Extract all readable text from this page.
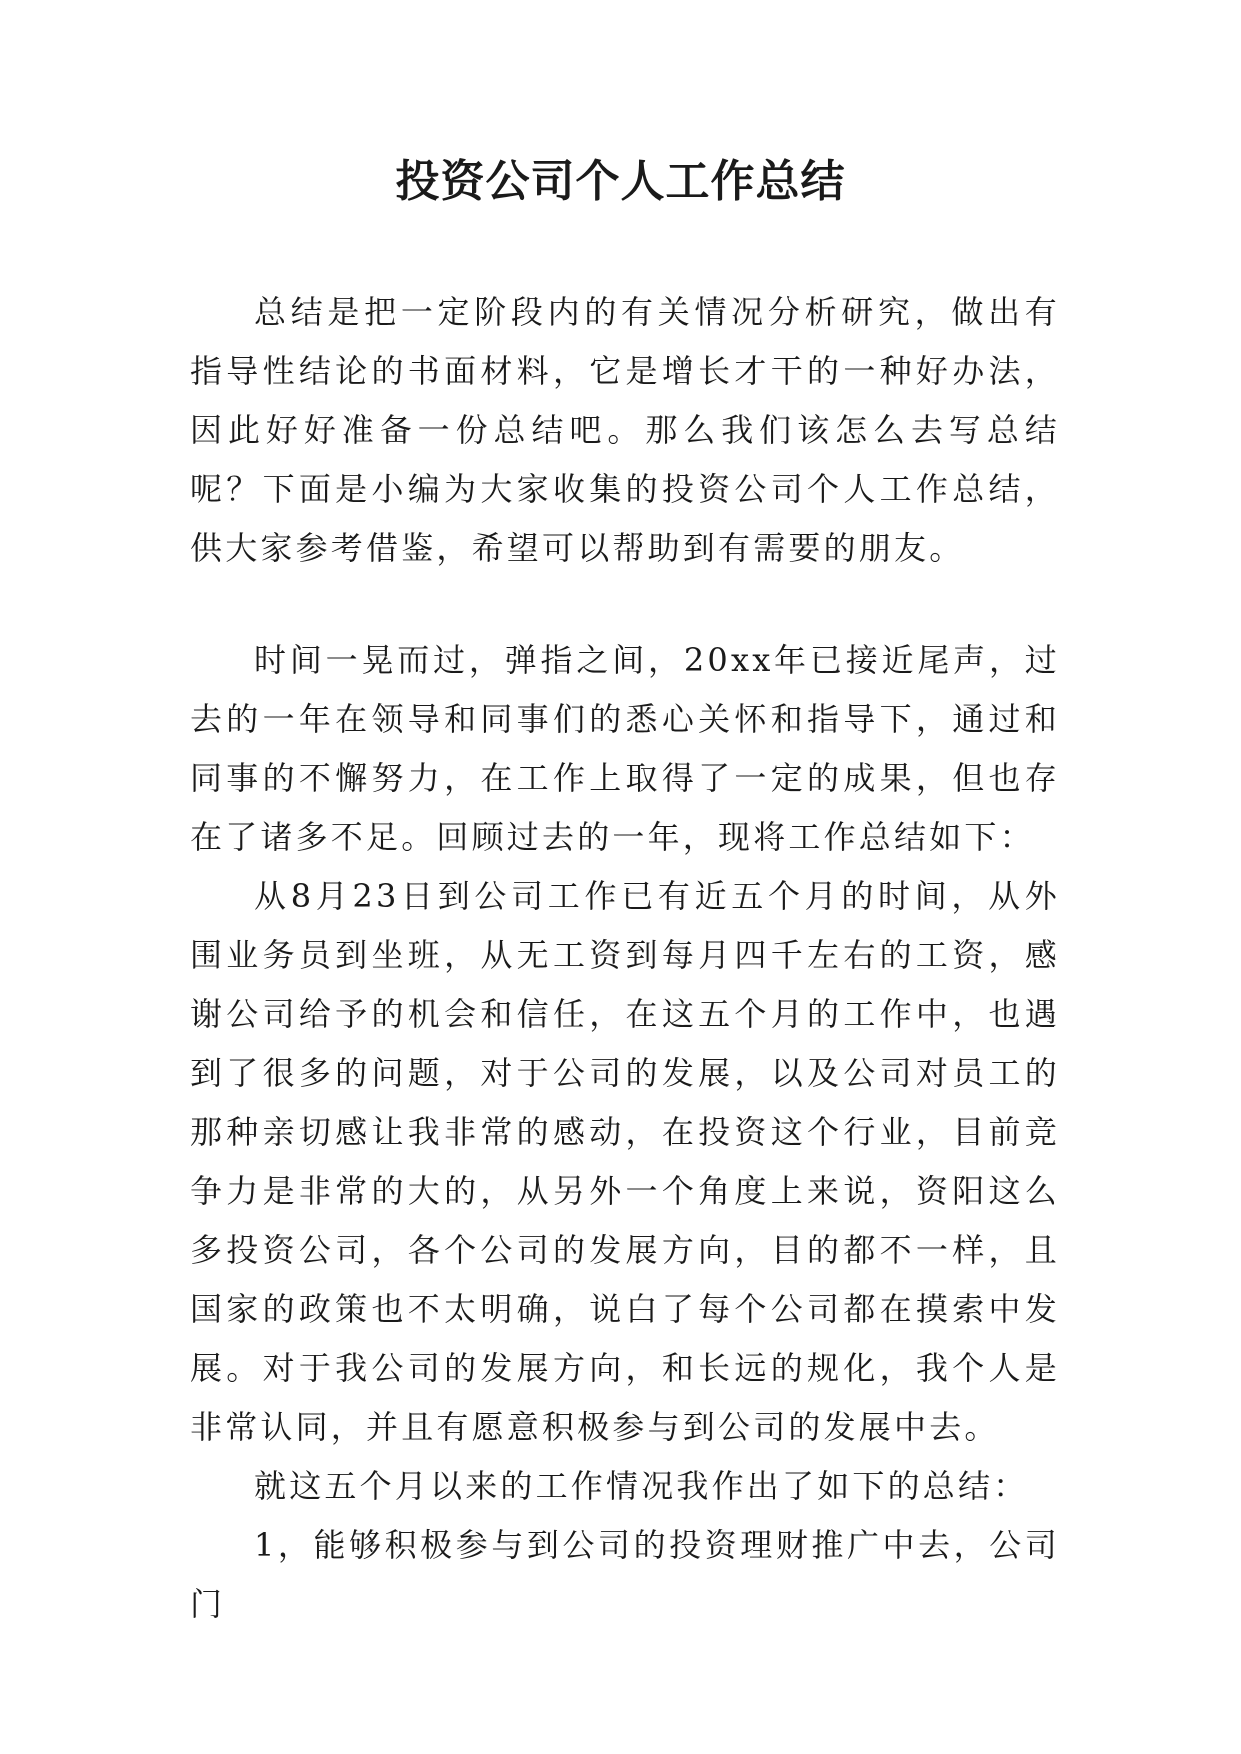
投资公司个人工作总结

总结是把一定阶段内的有关情况分析研究，做出有指导性结论的书面材料，它是增长才干的一种好办法，因此好好准备一份总结吧。那么我们该怎么去写总结呢？下面是小编为大家收集的投资公司个人工作总结，供大家参考借鉴，希望可以帮助到有需要的朋友。

时间一晃而过，弹指之间，20xx年已接近尾声，过去的一年在领导和同事们的悉心关怀和指导下，通过和同事的不懈努力，在工作上取得了一定的成果，但也存在了诸多不足。回顾过去的一年，现将工作总结如下：

从8月23日到公司工作已有近五个月的时间，从外围业务员到坐班，从无工资到每月四千左右的工资，感谢公司给予的机会和信任，在这五个月的工作中，也遇到了很多的问题，对于公司的发展，以及公司对员工的那种亲切感让我非常的感动，在投资这个行业，目前竞争力是非常的大的，从另外一个角度上来说，资阳这么多投资公司，各个公司的发展方向，目的都不一样，且国家的政策也不太明确，说白了每个公司都在摸索中发展。对于我公司的发展方向，和长远的规化，我个人是非常认同，并且有愿意积极参与到公司的发展中去。

就这五个月以来的工作情况我作出了如下的总结：

1，能够积极参与到公司的投资理财推广中去，公司门
